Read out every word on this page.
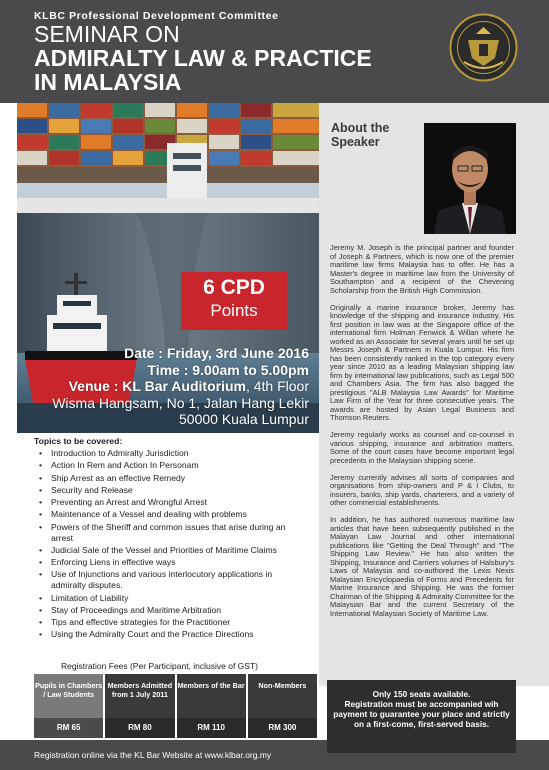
KLBC Professional Development Committee
SEMINAR ON
ADMIRALTY LAW & PRACTICE
IN MALAYSIA
6 CPD
Points
Date : Friday, 3rd June 2016
Time : 9.00am to 5.00pm
Venue : KL Bar Auditorium, 4th Floor
Wisma Hangsam, No 1, Jalan Hang Lekir
50000 Kuala Lumpur
About the
Speaker

Jeremy M. Joseph is the principal partner and founder of Joseph & Partners, which is now one of the premier maritime law firms Malaysia has to offer. He has a Master's degree in maritime law from the University of Southampton and a recipient of the Chevening Scholarship from the British High Commission.

Originally a marine insurance broker, Jeremy has knowledge of the shipping and insurance industry. His first position in law was at the Singapore office of the international firm Holman Fenwick & Willan where he worked as an Associate for several years until he set up Messrs Joseph & Partners in Kuala Lumpur. His firm has been consistently ranked in the top category every year since 2010 as a leading Malaysian shipping law firm by international law publications, such as Legal 500 and Chambers Asia. The firm has also bagged the prestigious "ALB Malaysia Law Awards" for Maritime Law Firm of the Year for three consecutive years. The awards are hosted by Asian Legal Business and Thomson Reuters.

Jeremy regularly works as counsel and co-counsel in various shipping, insurance and arbitration matters. Some of the court cases have become important legal precedents in the Malaysian shipping scene.

Jeremy currently advises all sorts of companies and organisations from ship-owners and P & I Clubs, to insurers, banks, ship yards, charterers, and a variety of other commercial establishments.

In addition, he has authored numerous maritime law articles that have been subsequently published in the Malayan Law Journal and other international publications like "Getting the Deal Through" and "The Shipping Law Review." He has also written the Shipping, Insurance and Carriers volumes of Halsbury's Laws of Malaysia and co-authored the Lexis Nexis Malaysian Encyclopaedia of Forms and Precedents for Marine Insurance and Shipping. He was the former Chairman of the Shipping & Admiralty Committee for the Malaysian Bar and the current Secretary of the International Malaysian Society of Maritime Law.

Topics to be covered:
• Introduction to Admiralty Jurisdiction
• Action In Rem and Action In Personam
• Ship Arrest as an effective Remedy
• Security and Release
• Preventing an Arrest and Wrongful Arrest
• Maintenance of a Vessel and dealing with problems
• Powers of the Sheriff and common issues that arise during an arrest
• Judicial Sale of the Vessel and Priorities of Maritime Claims
• Enforcing Liens in effective ways
• Use of Injunctions and various interlocutory applications in admiralty disputes.
• Limitation of Liability
• Stay of Proceedings and Maritime Arbitration
• Tips and effective strategies for the Practitioner
• Using the Admiralty Court and the Practice Directions
Registration Fees (Per Participant, inclusive of GST)
Pupils in Chambers / Law Students
RM 65
Members Admitted from 1 July 2011
RM 80
Members of the Bar
RM 110
Non-Members
RM 300
Registration online via the KL Bar Website at www.klbar.org.my
Only 150 seats available.
Registration must be accompanied wih payment to guarantee your place and strictly on a first-come, first-served basis.
